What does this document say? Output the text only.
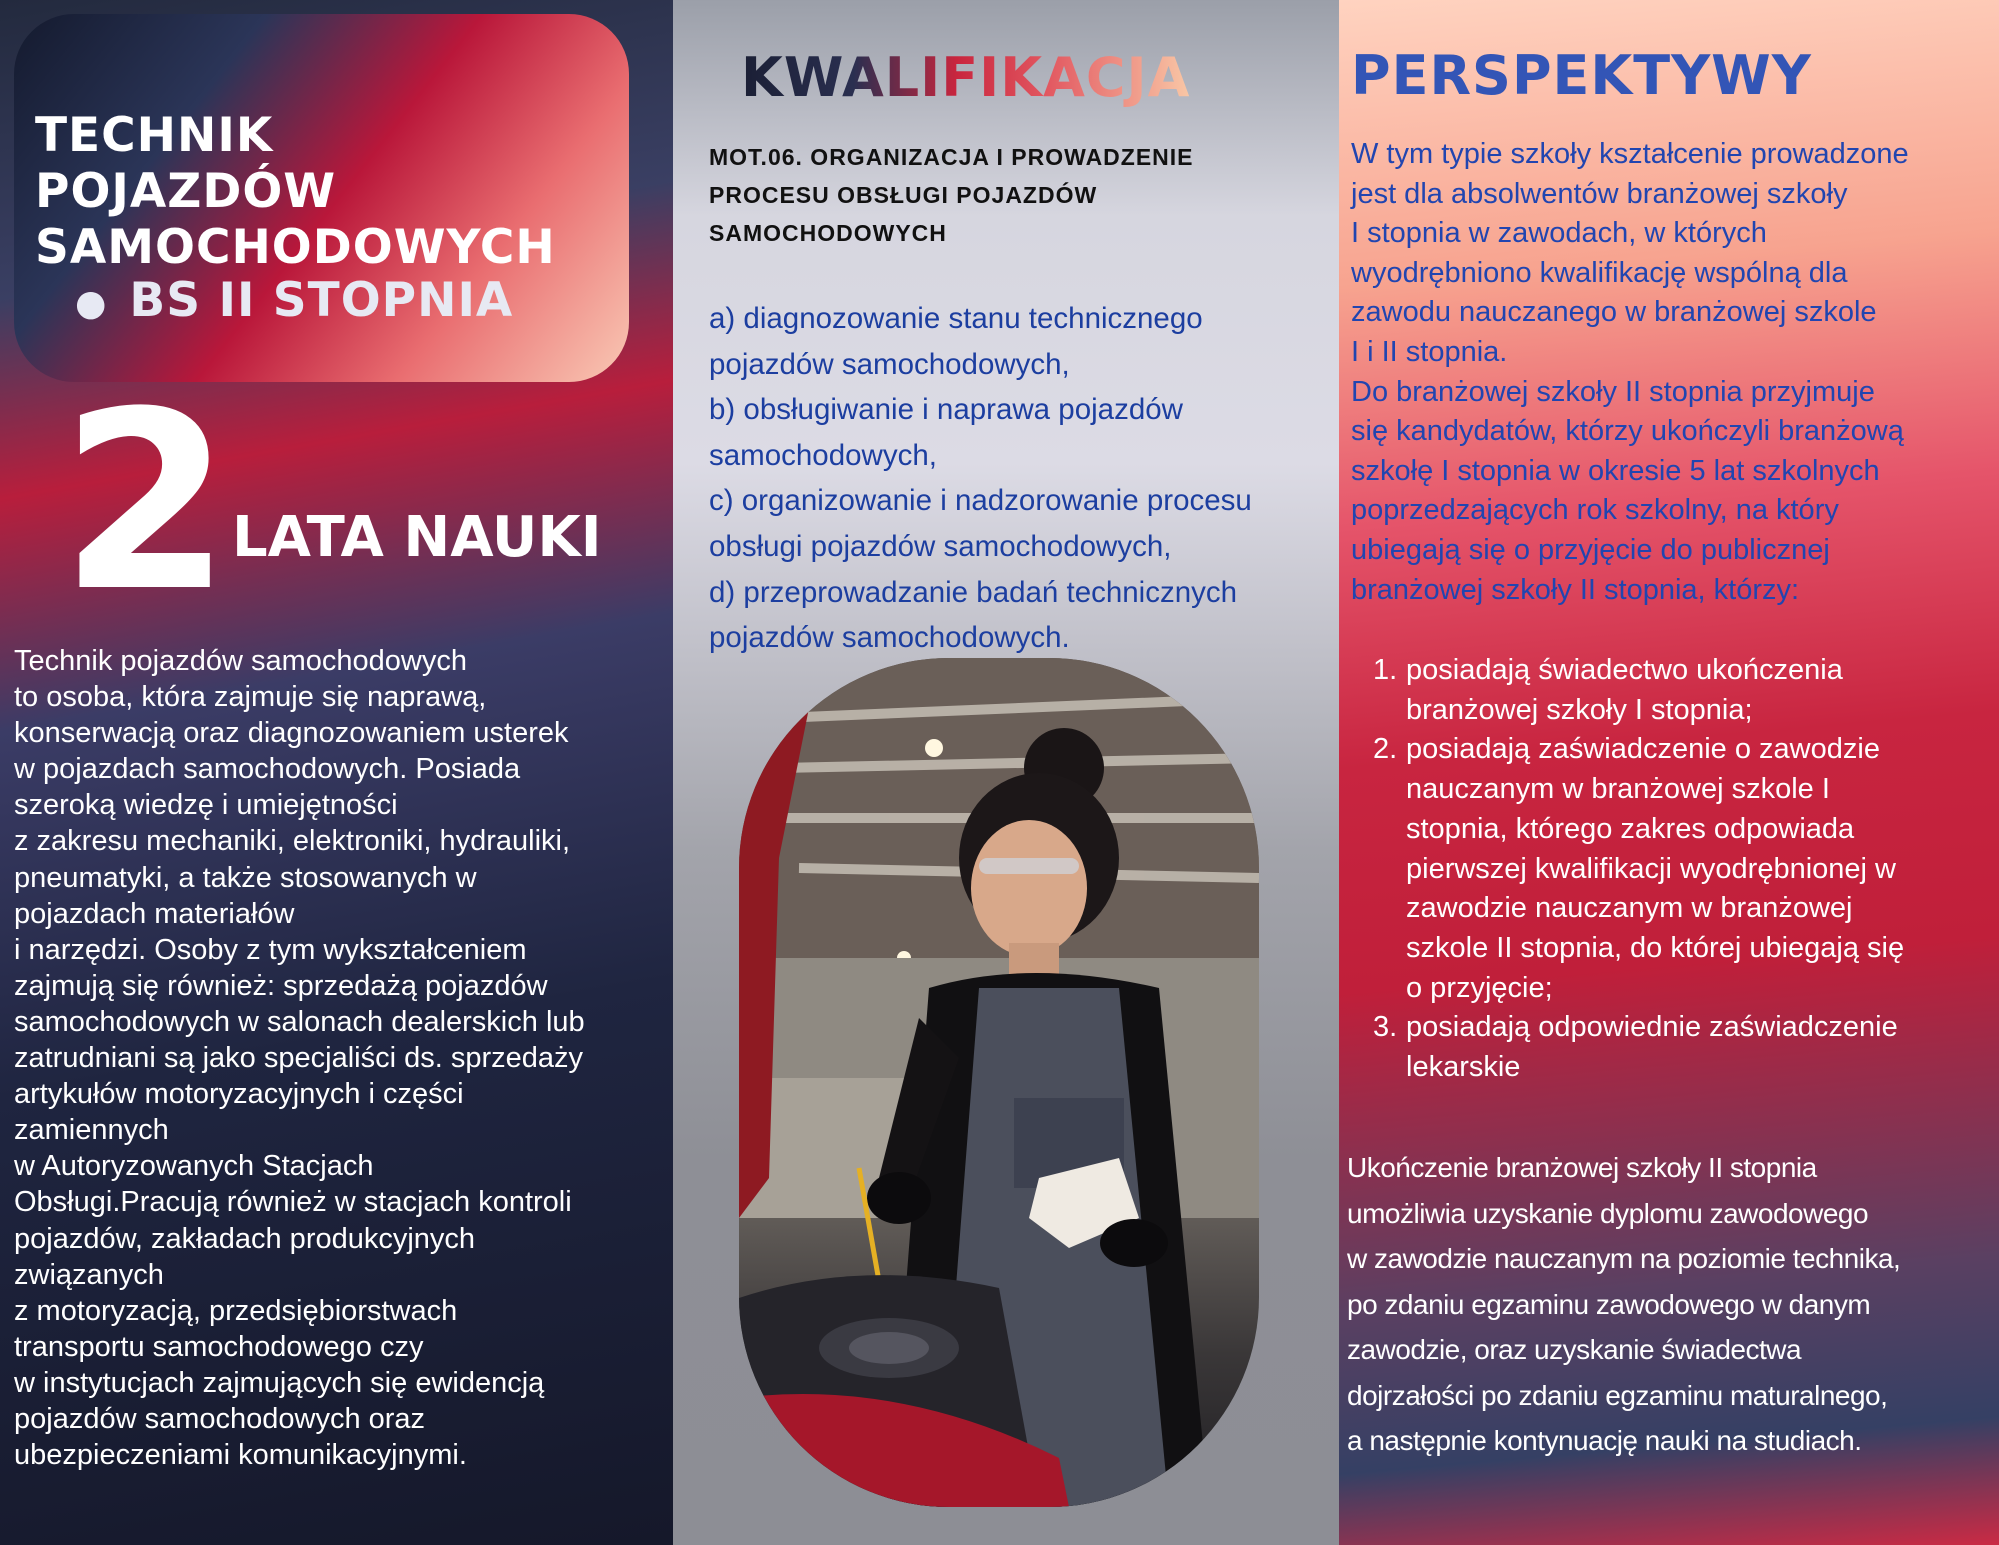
TECHNIK
POJAZDÓW
SAMOCHODOWYCH
● BS II STOPNIA
2 LATA NAUKI
Technik pojazdów samochodowych
to osoba, która zajmuje się naprawą,
konserwacją oraz diagnozowaniem usterek
w pojazdach samochodowych. Posiada
szeroką wiedzę i umiejętności
z zakresu mechaniki, elektroniki, hydrauliki,
pneumatyki, a także stosowanych w
pojazdach materiałów
i narzędzi. Osoby z tym wykształceniem
zajmują się również: sprzedażą pojazdów
samochodowych w salonach dealerskich lub
zatrudniani są jako specjaliści ds. sprzedaży
artykułów motoryzacyjnych i części
zamiennych
w Autoryzowanych Stacjach
Obsługi.Pracują również w stacjach kontroli
pojazdów, zakładach produkcyjnych
związanych
z motoryzacją, przedsiębiorstwach
transportu samochodowego czy
w instytucjach zajmujących się ewidencją
pojazdów samochodowych oraz
ubezpieczeniami komunikacyjnymi.
KWALIFIKACJA
MOT.06. ORGANIZACJA I PROWADZENIE
PROCESU OBSŁUGI POJAZDÓW
SAMOCHODOWYCH
a) diagnozowanie stanu technicznego
pojazdów samochodowych,
b) obsługiwanie i naprawa pojazdów
samochodowych,
c) organizowanie i nadzorowanie procesu
obsługi pojazdów samochodowych,
d) przeprowadzanie badań technicznych
pojazdów samochodowych.
PERSPEKTYWY
W tym typie szkoły kształcenie prowadzone
jest dla absolwentów branżowej szkoły
I stopnia w zawodach, w których
wyodrębniono kwalifikację wspólną dla
zawodu nauczanego w branżowej szkole
I i II stopnia.
Do branżowej szkoły II stopnia przyjmuje
się kandydatów, którzy ukończyli branżową
szkołę I stopnia w okresie 5 lat szkolnych
poprzedzających rok szkolny, na który
ubiegają się o przyjęcie do publicznej
branżowej szkoły II stopnia, którzy:
1. posiadają świadectwo ukończenia
branżowej szkoły I stopnia;
2. posiadają zaświadczenie o zawodzie
nauczanym w branżowej szkole I
stopnia, którego zakres odpowiada
pierwszej kwalifikacji wyodrębnionej w
zawodzie nauczanym w branżowej
szkole II stopnia, do której ubiegają się
o przyjęcie;
3. posiadają odpowiednie zaświadczenie
lekarskie
Ukończenie branżowej szkoły II stopnia
umożliwia uzyskanie dyplomu zawodowego
w zawodzie nauczanym na poziomie technika,
po zdaniu egzaminu zawodowego w danym
zawodzie, oraz uzyskanie świadectwa
dojrzałości po zdaniu egzaminu maturalnego,
a następnie kontynuację nauki na studiach.
